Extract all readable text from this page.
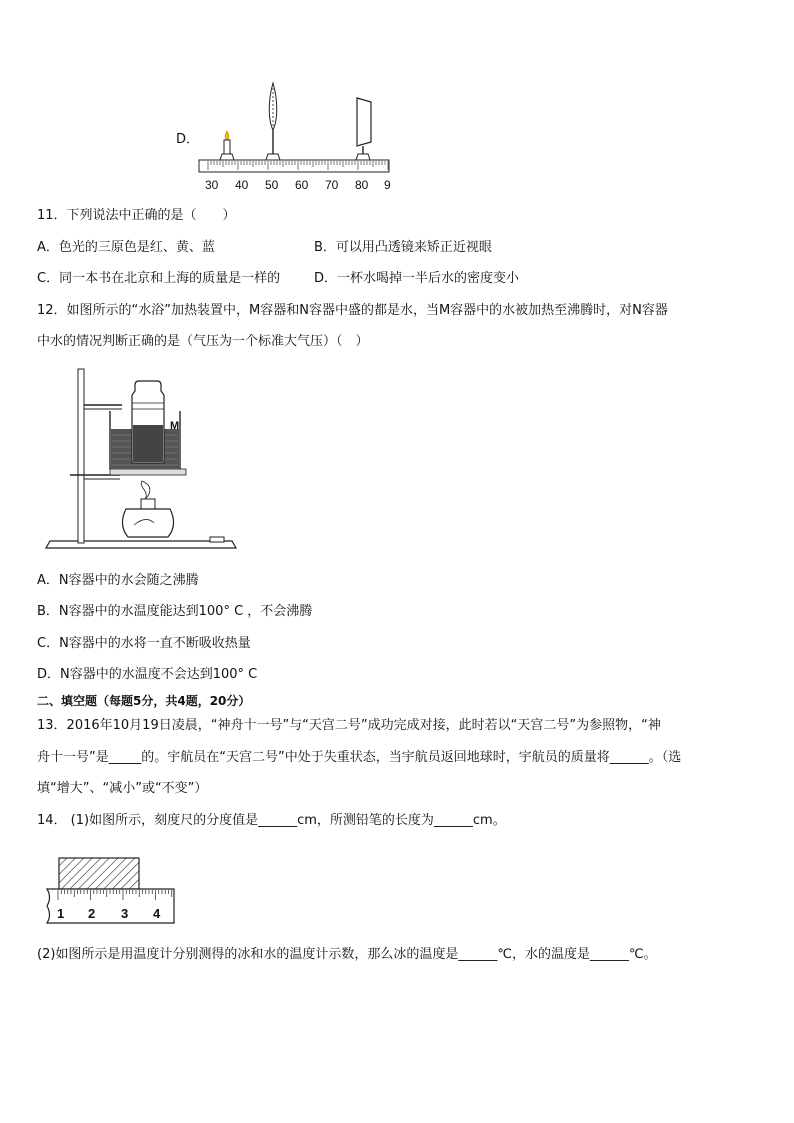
D．
30 40 50 60 70 80 9
11．下列说法中正确的是（　　）
A．色光的三原色是红、黄、蓝	B．可以用凸透镜来矫正近视眼
C．同一本书在北京和上海的质量是一样的	D．一杯水喝掉一半后水的密度变小
12．如图所示的“水浴”加热装置中，M容器和N容器中盛的都是水，当M容器中的水被加热至沸腾时，对N容器
中水的情况判断正确的是（气压为一个标准大气压）（　）
N M
A．N容器中的水会随之沸腾
B．N容器中的水温度能达到100° C ，不会沸腾
C．N容器中的水将一直不断吸收热量
D．N容器中的水温度不会达到100° C
二、填空题（每题5分，共4题，20分）
13．2016年10月19日凌晨，“神舟十一号”与“天宫二号”成功完成对接，此时若以“天宫二号”为参照物，“神
舟十一号”是_____的。宇航员在“天宫二号”中处于失重状态，当宇航员返回地球时，宇航员的质量将______。（选
填“增大”、“减小”或“不变”）
14． (1)如图所示，刻度尺的分度值是______cm，所测铅笔的长度为______cm。
1 2 3 4
(2)如图所示是用温度计分别测得的冰和水的温度计示数，那么冰的温度是______℃，水的温度是______℃。
